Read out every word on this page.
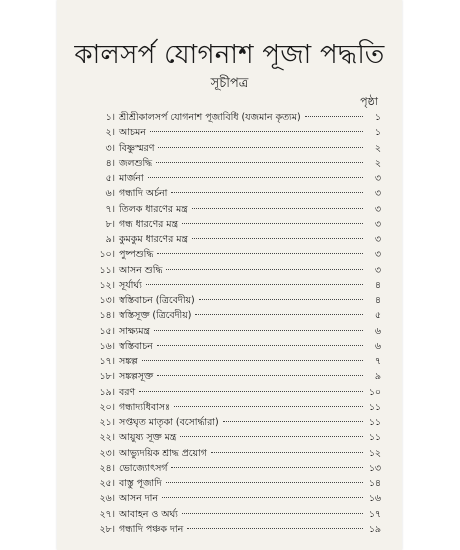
কালসর্প যোগনাশ পূজা পদ্ধতি
সূচীপত্র
পৃষ্ঠা
১। শ্রীশ্রীকালসর্প যোগনাশ পূজাবিধি (যজমান কৃত্যম)	১
২। আচমন	১
৩। বিষ্ণুস্মরণ	২
৪। জলশুদ্ধি	২
৫। মার্জনা	৩
৬। গন্ধাদি অর্চনা	৩
৭। তিলক ধারণের মন্ত্র	৩
৮। গন্ধ ধারণের মন্ত্র	৩
৯। কুমকুম ধারণের মন্ত্র	৩
১০। পুষ্পশুদ্ধি	৩
১১। আসন শুদ্ধি	৩
১২। সূর্যার্ঘ্য	৪
১৩। স্বস্তিবাচন (ত্রিবেদীয়)	৪
১৪। স্বস্তিসূক্ত (ত্রিবেদীয়)	৫
১৫। সাক্ষ্যমন্ত্র	৬
১৬। স্বস্তিবাচন	৬
১৭। সঙ্কল্প	৭
১৮। সঙ্কল্পসূক্ত	৯
১৯। বরণ	১০
২০। গন্ধাদ্যধিবাসঃ	১১
২১। সপ্তঘৃত মাতৃকা (বসোর্দ্ধারা)	১১
২২। আয়ুষ্য সূক্ত মন্ত্র	১১
২৩। আভ্যুদয়িক শ্রাদ্ধ প্রয়োগ	১২
২৪। ভোজ্যোৎসর্গ	১৩
২৫। বাস্তু পূজাদি	১৪
২৬। আসন দান	১৬
২৭। আবাহন ও অর্ঘ্য	১৭
২৮। গন্ধাদি পঞ্চক দান	১৯
